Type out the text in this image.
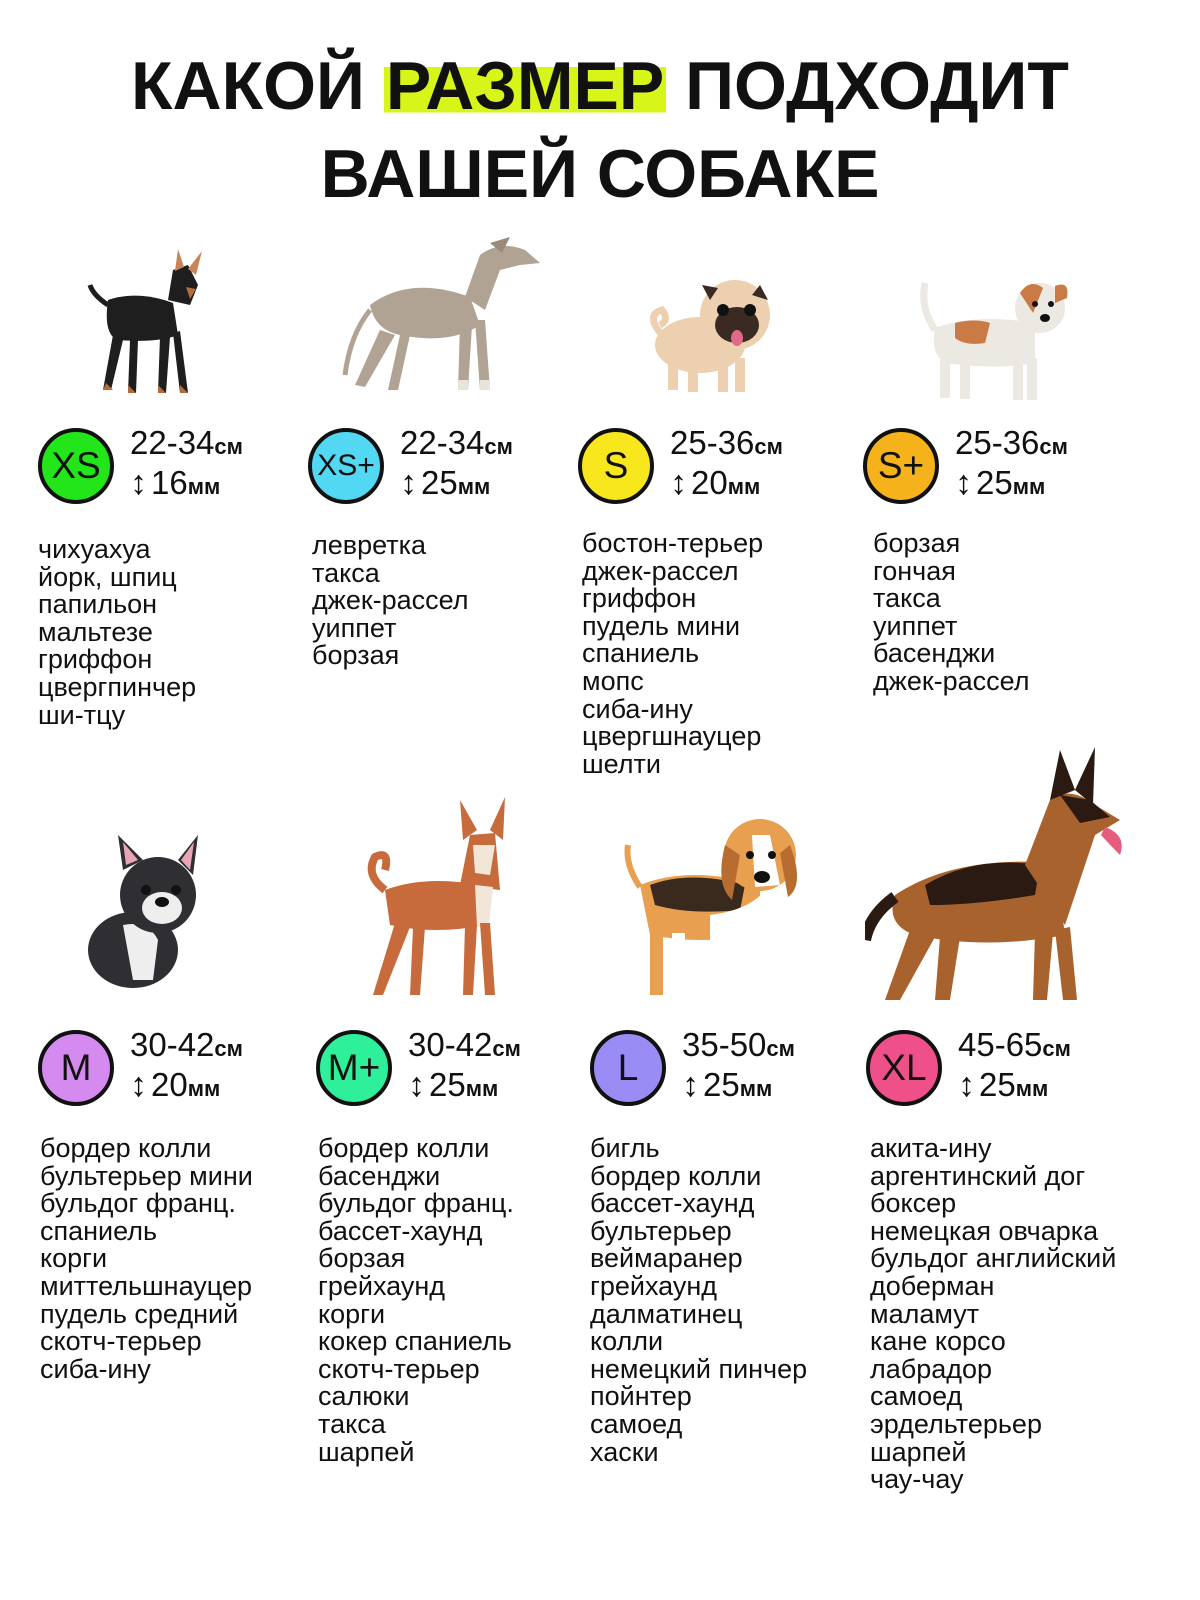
КАКОЙ РАЗМЕР ПОДХОДИТ
ВАШЕЙ СОБАКЕ
XS
22-34см
↕ 16мм
чихуахуа
йорк, шпиц
папильон
мальтезе
гриффон
цвергпинчер
ши-тцу
XS+
22-34см
↕ 25мм
левретка
такса
джек-рассел
уиппет
борзая
S
25-36см
↕ 20мм
бостон-терьер
джек-рассел
гриффон
пудель мини
спаниель
мопс
сиба-ину
цвергшнауцер
шелти
S+
25-36см
↕ 25мм
борзая
гончая
такса
уиппет
басенджи
джек-рассел
M
30-42см
↕ 20мм
бордер колли
бультерьер мини
бульдог франц.
спаниель
корги
миттельшнауцер
пудель средний
скотч-терьер
сиба-ину
M+
30-42см
↕ 25мм
бордер колли
басенджи
бульдог франц.
бассет-хаунд
борзая
грейхаунд
корги
кокер спаниель
скотч-терьер
салюки
такса
шарпей
L
35-50см
↕ 25мм
бигль
бордер колли
бассет-хаунд
бультерьер
веймаранер
грейхаунд
далматинец
колли
немецкий пинчер
пойнтер
самоед
хаски
XL
45-65см
↕ 25мм
акита-ину
аргентинский дог
боксер
немецкая овчарка
бульдог английский
доберман
маламут
кане корсо
лабрадор
самоед
эрдельтерьер
шарпей
чау-чау
